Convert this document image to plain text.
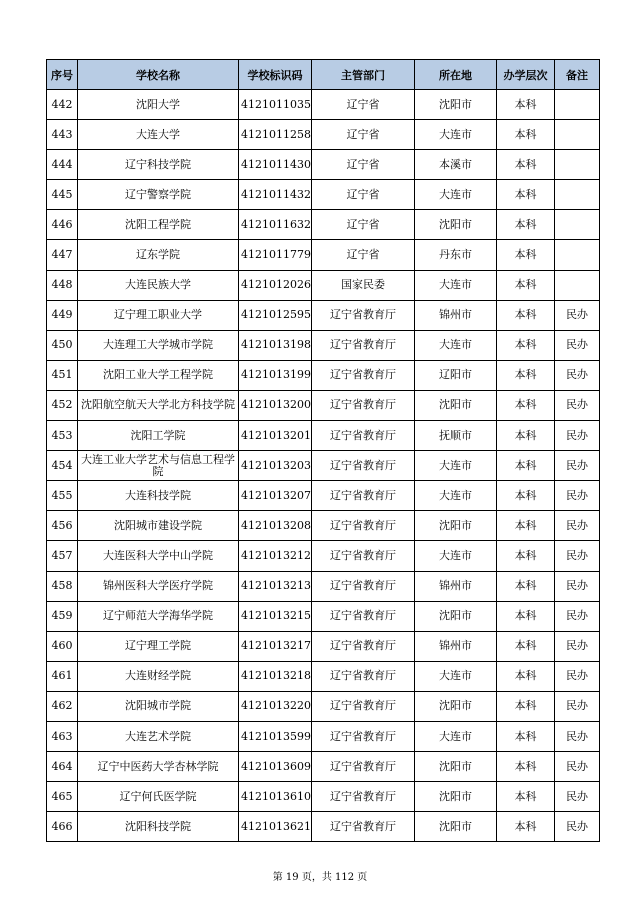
序号	学校名称	学校标识码	主管部门	所在地	办学层次	备注
442	沈阳大学	4121011035	辽宁省	沈阳市	本科	
443	大连大学	4121011258	辽宁省	大连市	本科	
444	辽宁科技学院	4121011430	辽宁省	本溪市	本科	
445	辽宁警察学院	4121011432	辽宁省	大连市	本科	
446	沈阳工程学院	4121011632	辽宁省	沈阳市	本科	
447	辽东学院	4121011779	辽宁省	丹东市	本科	
448	大连民族大学	4121012026	国家民委	大连市	本科	
449	辽宁理工职业大学	4121012595	辽宁省教育厅	锦州市	本科	民办
450	大连理工大学城市学院	4121013198	辽宁省教育厅	大连市	本科	民办
451	沈阳工业大学工程学院	4121013199	辽宁省教育厅	辽阳市	本科	民办
452	沈阳航空航天大学北方科技学院	4121013200	辽宁省教育厅	沈阳市	本科	民办
453	沈阳工学院	4121013201	辽宁省教育厅	抚顺市	本科	民办
454	大连工业大学艺术与信息工程学院	4121013203	辽宁省教育厅	大连市	本科	民办
455	大连科技学院	4121013207	辽宁省教育厅	大连市	本科	民办
456	沈阳城市建设学院	4121013208	辽宁省教育厅	沈阳市	本科	民办
457	大连医科大学中山学院	4121013212	辽宁省教育厅	大连市	本科	民办
458	锦州医科大学医疗学院	4121013213	辽宁省教育厅	锦州市	本科	民办
459	辽宁师范大学海华学院	4121013215	辽宁省教育厅	沈阳市	本科	民办
460	辽宁理工学院	4121013217	辽宁省教育厅	锦州市	本科	民办
461	大连财经学院	4121013218	辽宁省教育厅	大连市	本科	民办
462	沈阳城市学院	4121013220	辽宁省教育厅	沈阳市	本科	民办
463	大连艺术学院	4121013599	辽宁省教育厅	大连市	本科	民办
464	辽宁中医药大学杏林学院	4121013609	辽宁省教育厅	沈阳市	本科	民办
465	辽宁何氏医学院	4121013610	辽宁省教育厅	沈阳市	本科	民办
466	沈阳科技学院	4121013621	辽宁省教育厅	沈阳市	本科	民办
第 19 页，共 112 页
